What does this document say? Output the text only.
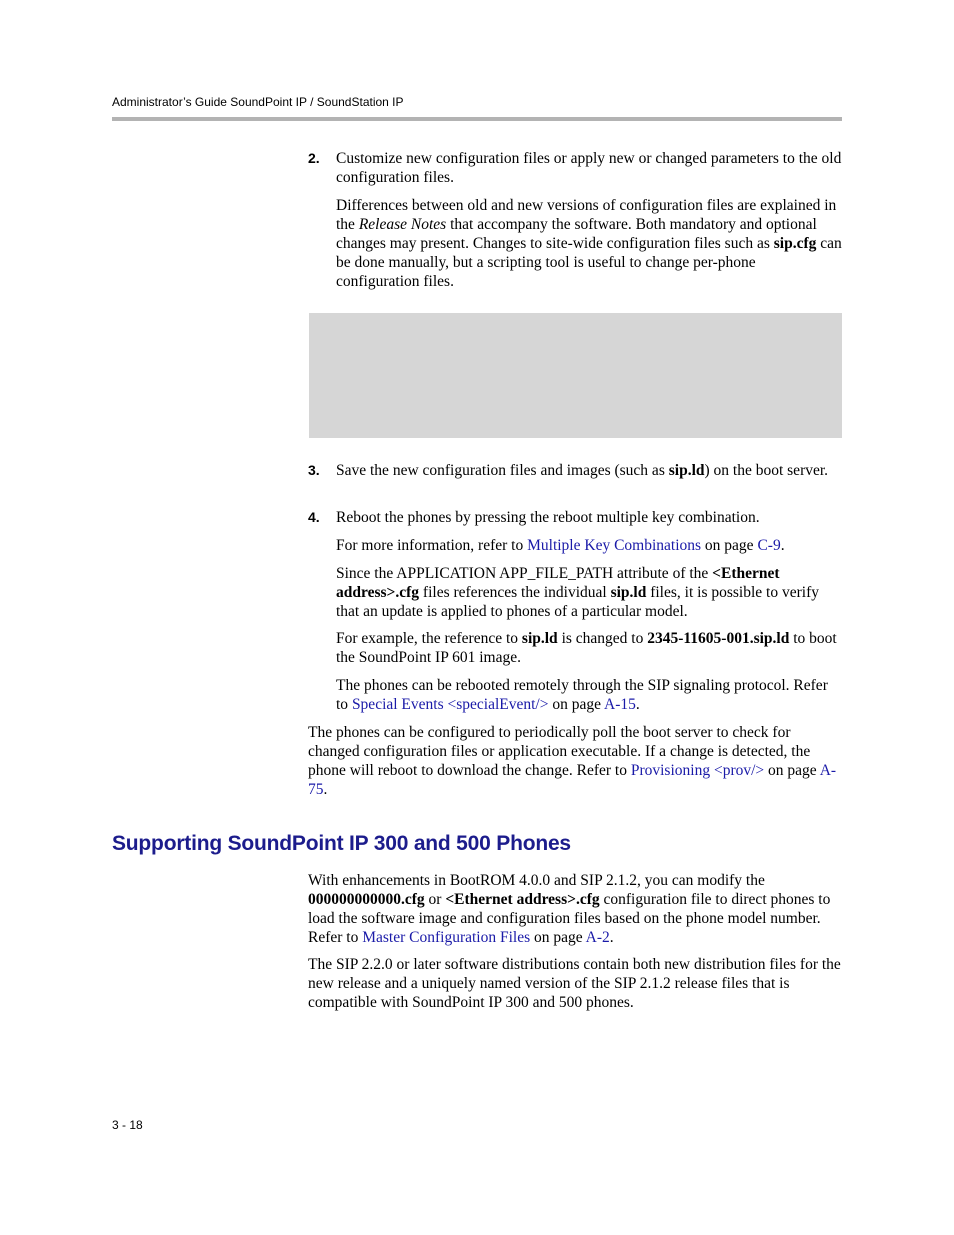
Administrator’s Guide SoundPoint IP / SoundStation IP
2. Customize new configuration files or apply new or changed parameters to the old configuration files.

Differences between old and new versions of configuration files are explained in the Release Notes that accompany the software. Both mandatory and optional changes may present. Changes to site-wide configuration files such as sip.cfg can be done manually, but a scripting tool is useful to change per-phone configuration files.

3. Save the new configuration files and images (such as sip.ld) on the boot server.

4. Reboot the phones by pressing the reboot multiple key combination.

For more information, refer to Multiple Key Combinations on page C-9.

Since the APPLICATION APP_FILE_PATH attribute of the <Ethernet address>.cfg files references the individual sip.ld files, it is possible to verify that an update is applied to phones of a particular model.

For example, the reference to sip.ld is changed to 2345-11605-001.sip.ld to boot the SoundPoint IP 601 image.

The phones can be rebooted remotely through the SIP signaling protocol. Refer to Special Events <specialEvent/> on page A-15.

The phones can be configured to periodically poll the boot server to check for changed configuration files or application executable. If a change is detected, the phone will reboot to download the change. Refer to Provisioning <prov/> on page A-75.

Supporting SoundPoint IP 300 and 500 Phones

With enhancements in BootROM 4.0.0 and SIP 2.1.2, you can modify the 000000000000.cfg or <Ethernet address>.cfg configuration file to direct phones to load the software image and configuration files based on the phone model number. Refer to Master Configuration Files on page A-2.

The SIP 2.2.0 or later software distributions contain both new distribution files for the new release and a uniquely named version of the SIP 2.1.2 release files that is compatible with SoundPoint IP 300 and 500 phones.

3 - 18
